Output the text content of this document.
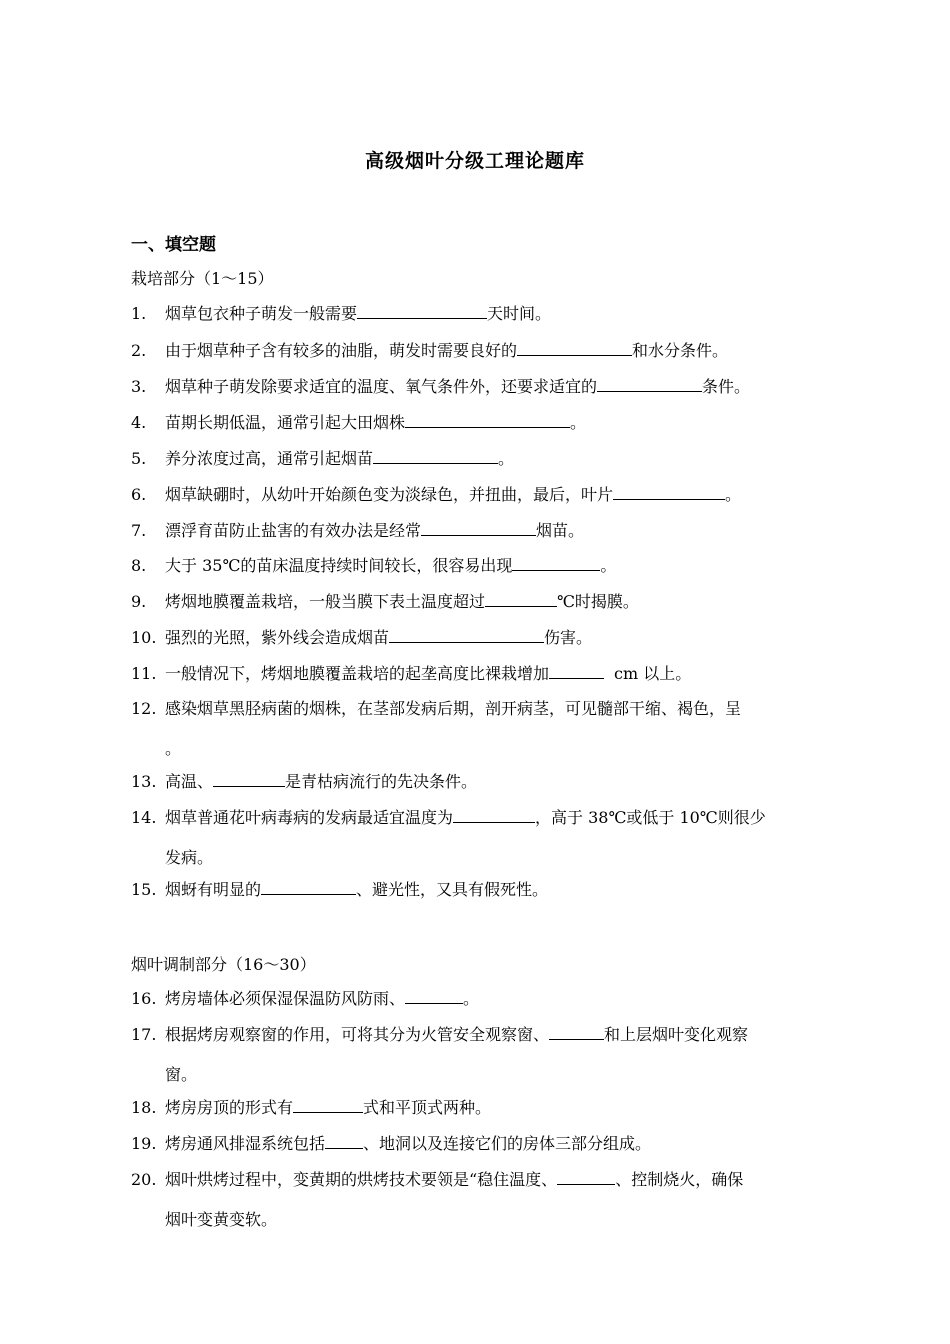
高级烟叶分级工理论题库
一、填空题
栽培部分（1～15）
1. 烟草包衣种子萌发一般需要	天时间。
2. 由于烟草种子含有较多的油脂，萌发时需要良好的	和水分条件。
3. 烟草种子萌发除要求适宜的温度、氧气条件外，还要求适宜的	条件。
4. 苗期长期低温，通常引起大田烟株	。
5. 养分浓度过高，通常引起烟苗	。
6. 烟草缺硼时，从幼叶开始颜色变为淡绿色，并扭曲，最后，叶片	。
7. 漂浮育苗防止盐害的有效办法是经常	烟苗。
8. 大于 35℃的苗床温度持续时间较长，很容易出现	。
9. 烤烟地膜覆盖栽培，一般当膜下表土温度超过	℃时揭膜。
10. 强烈的光照，紫外线会造成烟苗	伤害。
11. 一般情况下，烤烟地膜覆盖栽培的起垄高度比裸栽增加	cm 以上。
12. 感染烟草黑胫病菌的烟株，在茎部发病后期，剖开病茎，可见髓部干缩、褐色，呈
。
13. 高温、	是青枯病流行的先决条件。
14. 烟草普通花叶病毒病的发病最适宜温度为	，高于 38℃或低于 10℃则很少
发病。
15. 烟蚜有明显的	、避光性，又具有假死性。
烟叶调制部分（16～30）
16. 烤房墙体必须保湿保温防风防雨、	。
17. 根据烤房观察窗的作用，可将其分为火管安全观察窗、	和上层烟叶变化观察
窗。
18. 烤房房顶的形式有	式和平顶式两种。
19. 烤房通风排湿系统包括 、地洞以及连接它们的房体三部分组成。
20. 烟叶烘烤过程中，变黄期的烘烤技术要领是“稳住温度、	、控制烧火，确保
烟叶变黄变软。
